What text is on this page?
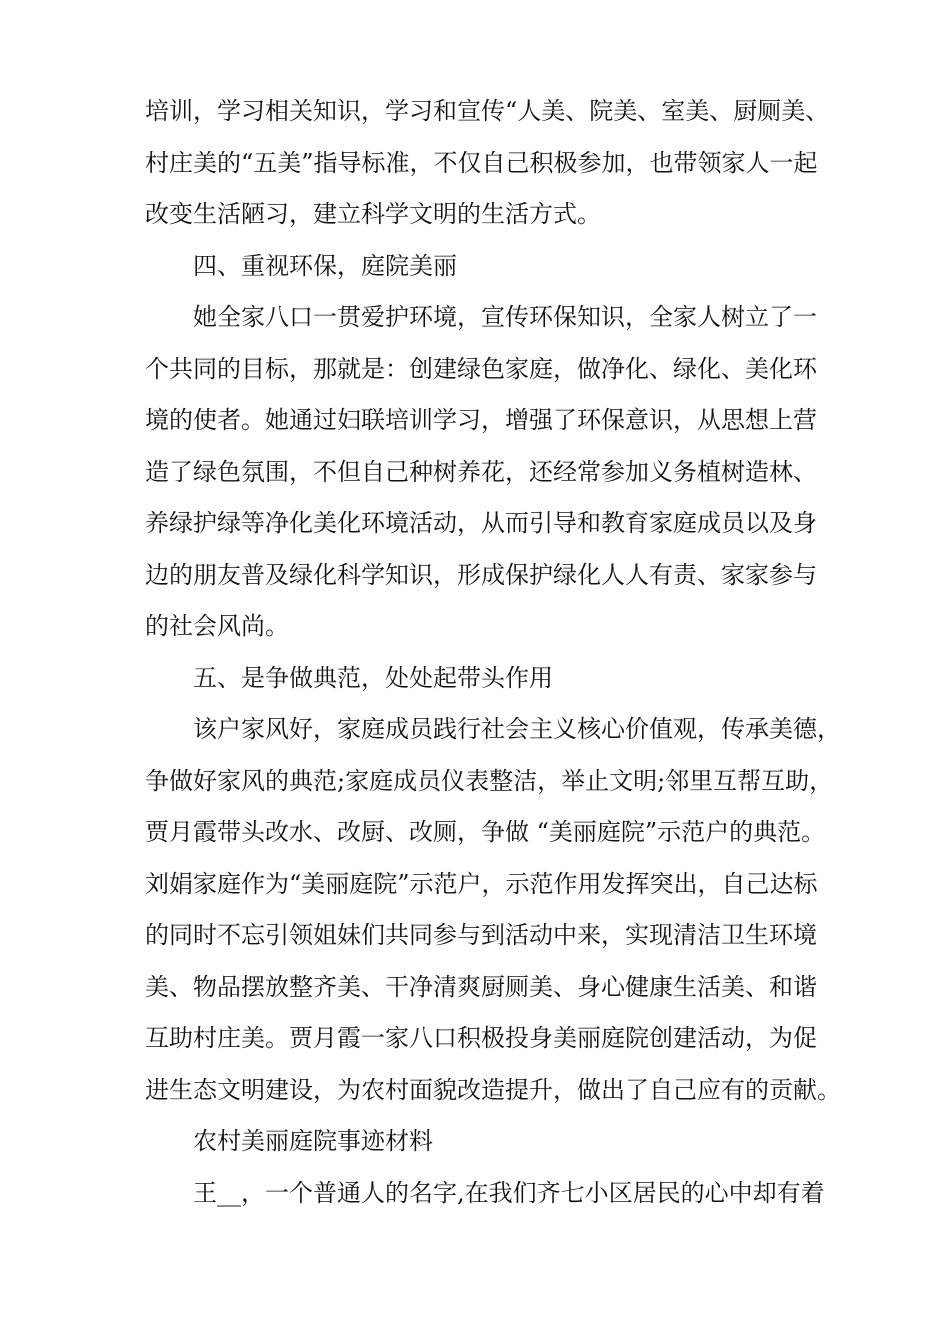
培训，学习相关知识，学习和宣传“人美、院美、室美、厨厕美、
村庄美的“五美”指导标准，不仅自己积极参加，也带领家人一起
改变生活陋习，建立科学文明的生活方式。
四、重视环保，庭院美丽
她全家八口一贯爱护环境，宣传环保知识，全家人树立了一
个共同的目标，那就是：创建绿色家庭，做净化、绿化、美化环
境的使者。她通过妇联培训学习，增强了环保意识，从思想上营
造了绿色氛围，不但自己种树养花，还经常参加义务植树造林、
养绿护绿等净化美化环境活动，从而引导和教育家庭成员以及身
边的朋友普及绿化科学知识，形成保护绿化人人有责、家家参与
的社会风尚。
五、是争做典范，处处起带头作用
该户家风好，家庭成员践行社会主义核心价值观，传承美德，
争做好家风的典范;家庭成员仪表整洁，举止文明;邻里互帮互助，
贾月霞带头改水、改厨、改厕，争做 “美丽庭院”示范户的典范。
刘娟家庭作为“美丽庭院”示范户，示范作用发挥突出，自己达标
的同时不忘引领姐妹们共同参与到活动中来，实现清洁卫生环境
美、物品摆放整齐美、干净清爽厨厕美、身心健康生活美、和谐
互助村庄美。贾月霞一家八口积极投身美丽庭院创建活动，为促
进生态文明建设，为农村面貌改造提升，做出了自己应有的贡献。
农村美丽庭院事迹材料
王__，一个普通人的名字,在我们齐七小区居民的心中却有着
